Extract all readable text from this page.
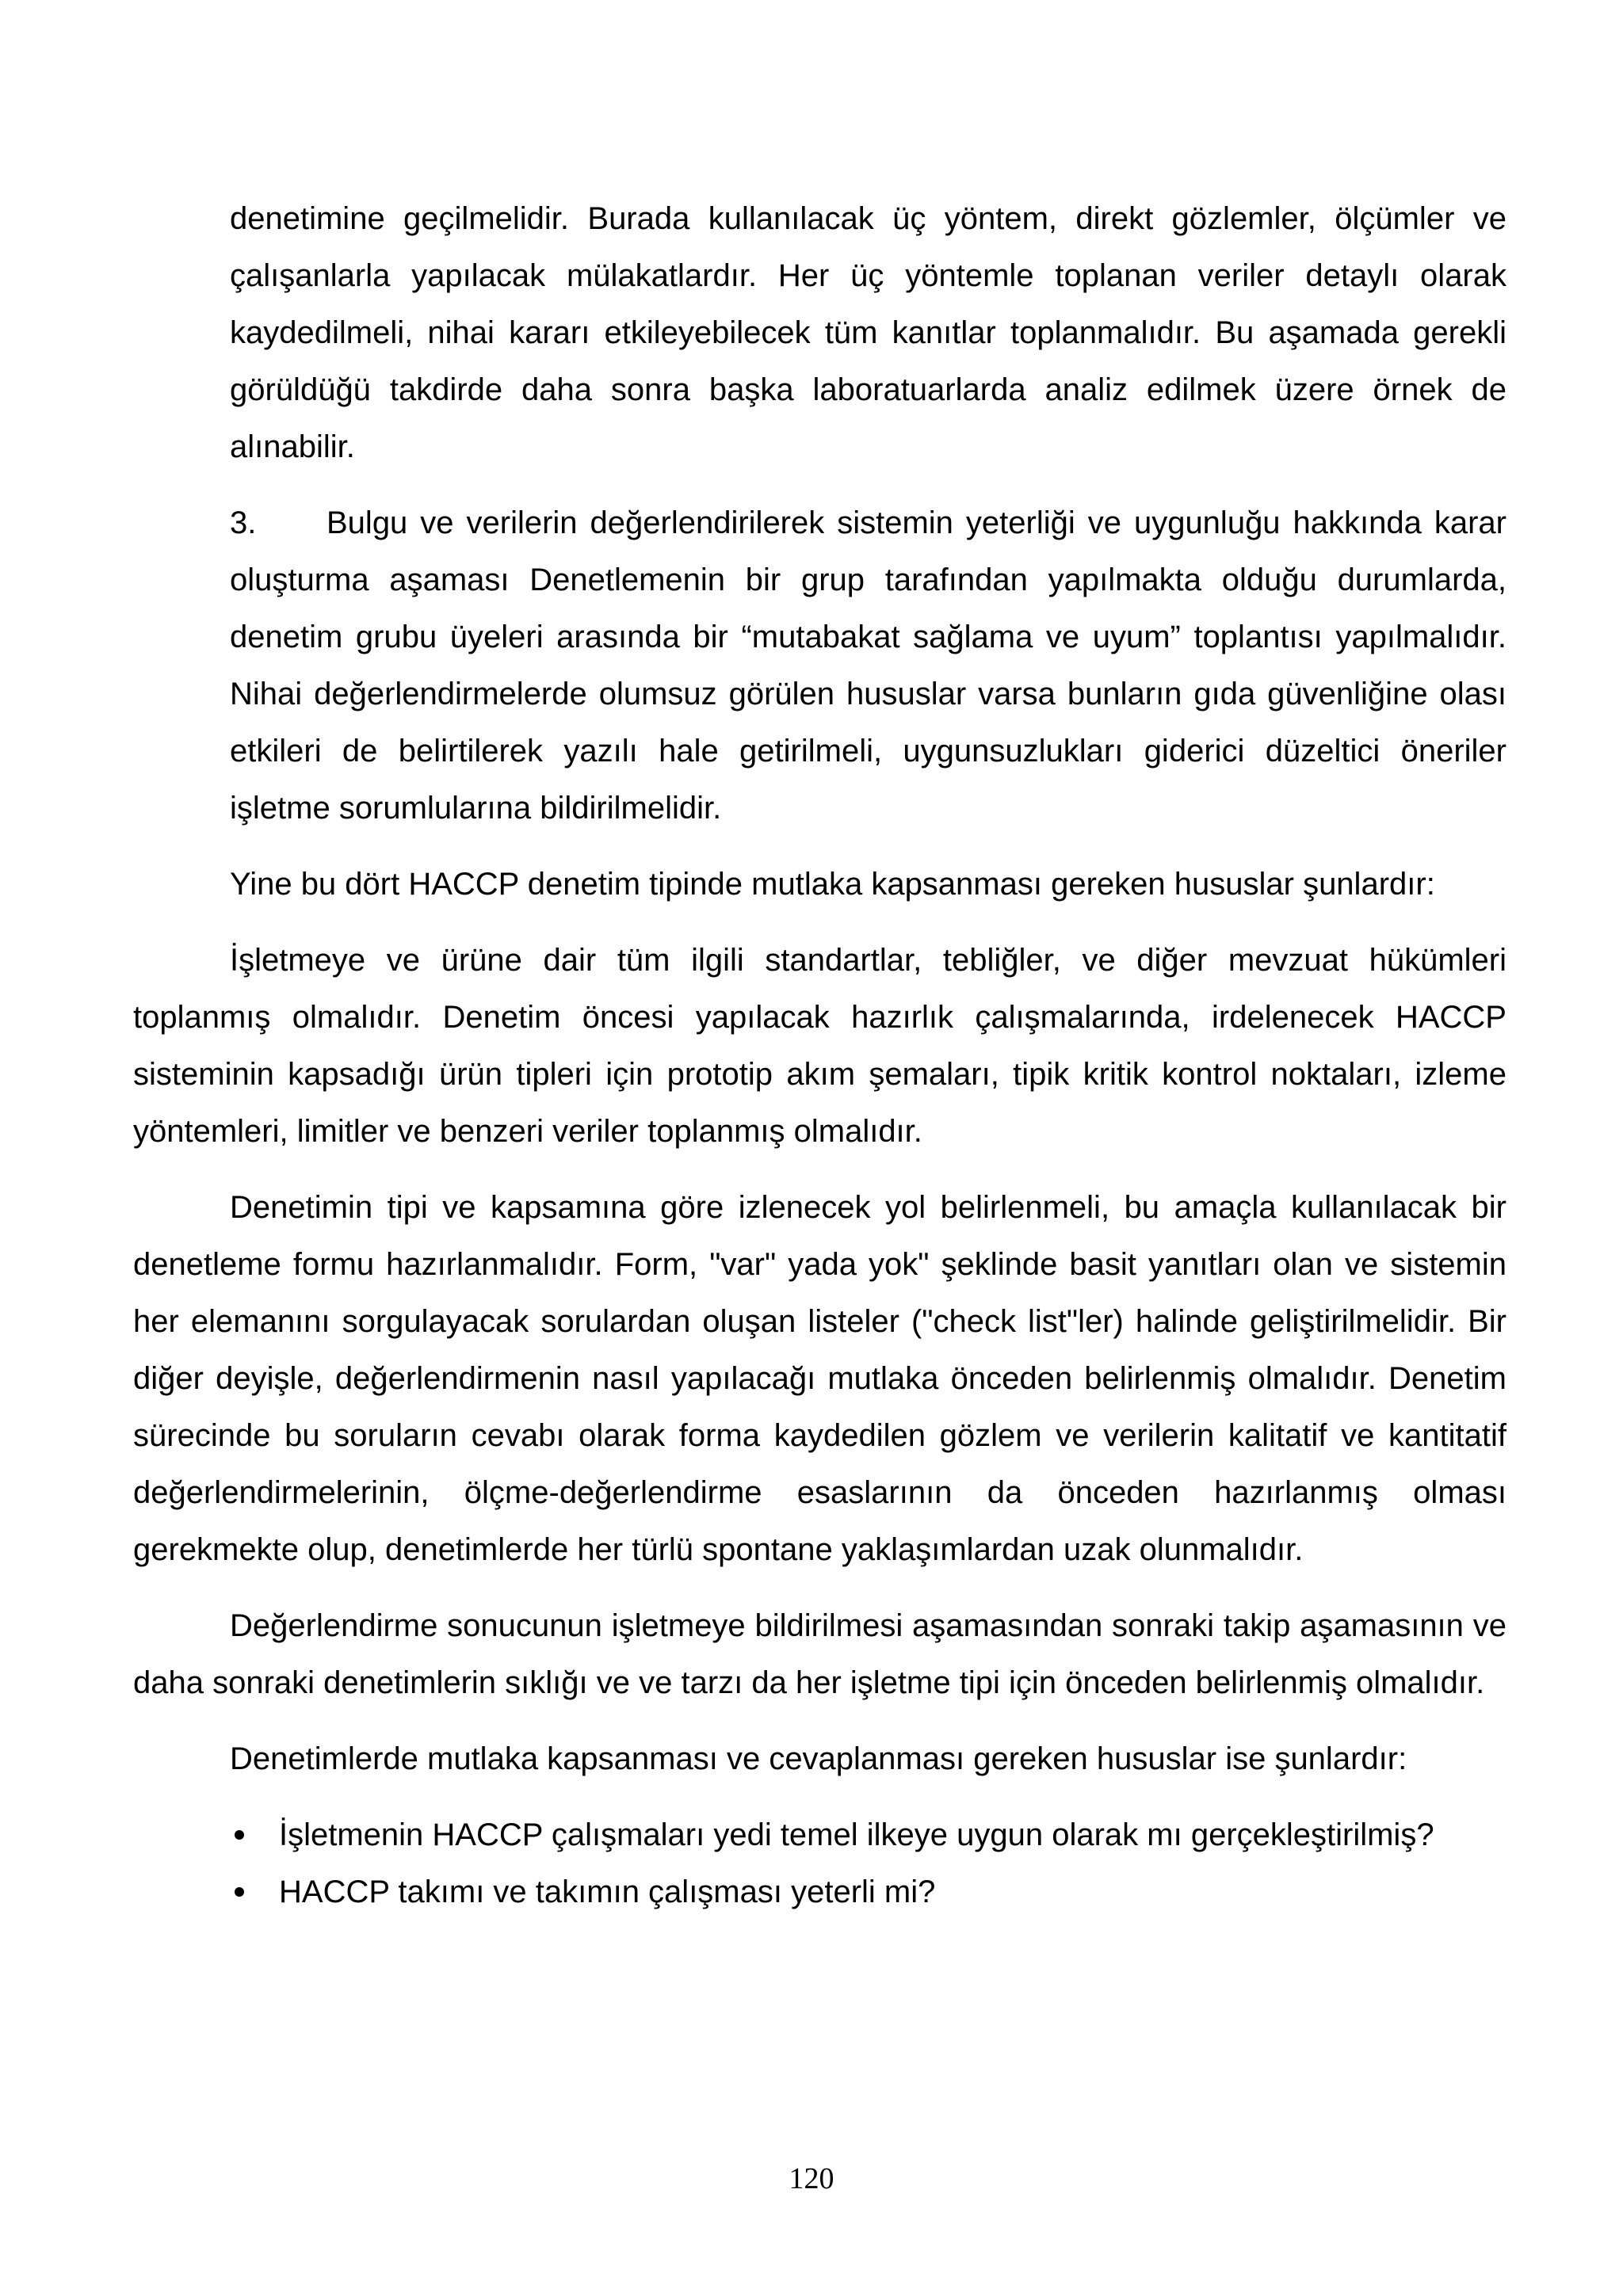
denetimine geçilmelidir. Burada kullanılacak üç yöntem, direkt gözlemler, ölçümler ve çalışanlarla yapılacak mülakatlardır. Her üç yöntemle toplanan veriler detaylı olarak kaydedilmeli, nihai kararı etkileyebilecek tüm kanıtlar toplanmalıdır. Bu aşamada gerekli görüldüğü takdirde daha sonra başka laboratuarlarda analiz edilmek üzere örnek de alınabilir.

3. Bulgu ve verilerin değerlendirilerek sistemin yeterliği ve uygunluğu hakkında karar oluşturma aşaması Denetlemenin bir grup tarafından yapılmakta olduğu durumlarda, denetim grubu üyeleri arasında bir “mutabakat sağlama ve uyum” toplantısı yapılmalıdır. Nihai değerlendirmelerde olumsuz görülen hususlar varsa bunların gıda güvenliğine olası etkileri de belirtilerek yazılı hale getirilmeli, uygunsuzlukları giderici düzeltici öneriler işletme sorumlularına bildirilmelidir.

Yine bu dört HACCP denetim tipinde mutlaka kapsanması gereken hususlar şunlardır:

İşletmeye ve ürüne dair tüm ilgili standartlar, tebliğler, ve diğer mevzuat hükümleri toplanmış olmalıdır. Denetim öncesi yapılacak hazırlık çalışmalarında, irdelenecek HACCP sisteminin kapsadığı ürün tipleri için prototip akım şemaları, tipik kritik kontrol noktaları, izleme yöntemleri, limitler ve benzeri veriler toplanmış olmalıdır.

Denetimin tipi ve kapsamına göre izlenecek yol belirlenmeli, bu amaçla kullanılacak bir denetleme formu hazırlanmalıdır. Form, "var" yada yok" şeklinde basit yanıtları olan ve sistemin her elemanını sorgulayacak sorulardan oluşan listeler ("check list"ler) halinde geliştirilmelidir. Bir diğer deyişle, değerlendirmenin nasıl yapılacağı mutlaka önceden belirlenmiş olmalıdır. Denetim sürecinde bu soruların cevabı olarak forma kaydedilen gözlem ve verilerin kalitatif ve kantitatif değerlendirmelerinin, ölçme-değerlendirme esaslarının da önceden hazırlanmış olması gerekmekte olup, denetimlerde her türlü spontane yaklaşımlardan uzak olunmalıdır.

Değerlendirme sonucunun işletmeye bildirilmesi aşamasından sonraki takip aşamasının ve daha sonraki denetimlerin sıklığı ve ve tarzı da her işletme tipi için önceden belirlenmiş olmalıdır.

Denetimlerde mutlaka kapsanması ve cevaplanması gereken hususlar ise şunlardır:

İşletmenin HACCP çalışmaları yedi temel ilkeye uygun olarak mı gerçekleştirilmiş?
HACCP takımı ve takımın çalışması yeterli mi?
120
